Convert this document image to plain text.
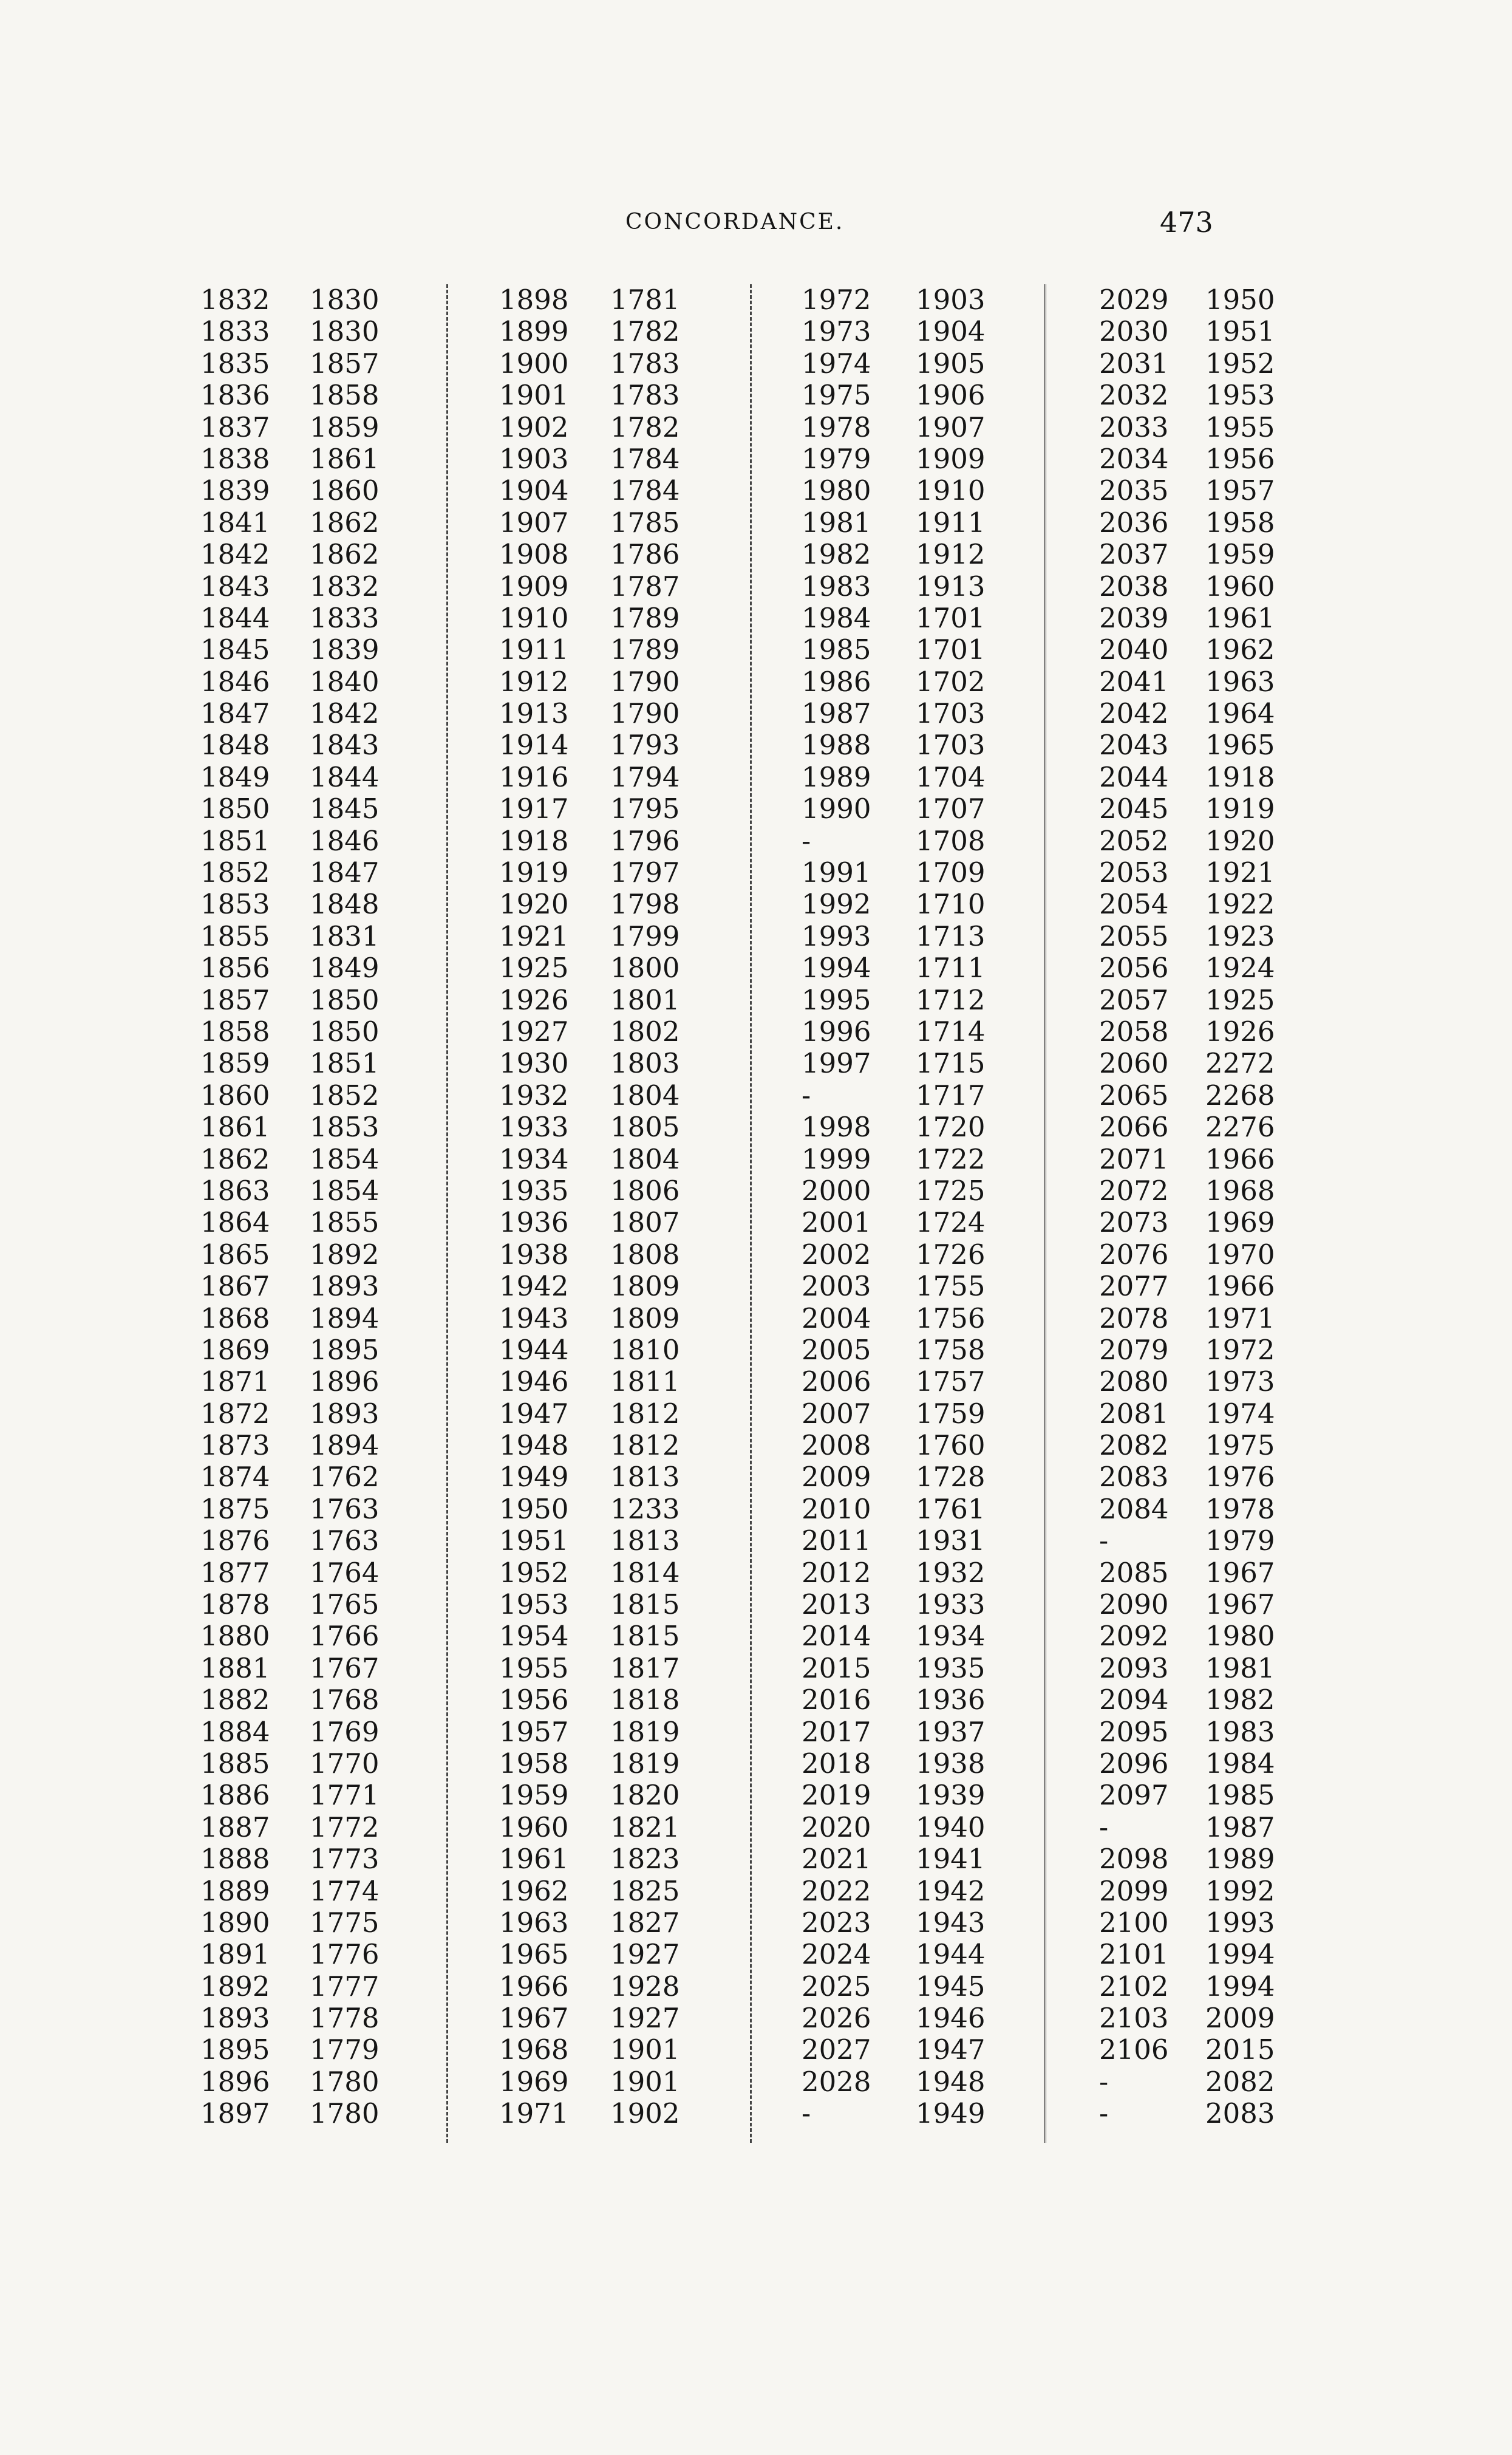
CONCORDANCE.	473
1832
1833
1835
1836
1837
1838
1839
1841
1842
1843
1844
1845
1846
1847
1848
1849
1850
1851
1852
1853
1855
1856
1857
1858
1859
1860
1861
1862
1863
1864
1865
1867
1868
1869
1871
1872
1873
1874
1875
1876
1877
1878
1880
1881
1882
1884
1885
1886
1887
1888
1889
1890
1891
1892
1893
1895
1896
1897
1830
1830
1857
1858
1859
1861
1860
1862
1862
1832
1833
1839
1840
1842
1843
1844
1845
1846
1847
1848
1831
1849
1850
1850
1851
1852
1853
1854
1854
1855
1892
1893
1894
1895
1896
1893
1894
1762
1763
1763
1764
1765
1766
1767
1768
1769
1770
1771
1772
1773
1774
1775
1776
1777
1778
1779
1780
1780
1898
1899
1900
1901
1902
1903
1904
1907
1908
1909
1910
1911
1912
1913
1914
1916
1917
1918
1919
1920
1921
1925
1926
1927
1930
1932
1933
1934
1935
1936
1938
1942
1943
1944
1946
1947
1948
1949
1950
1951
1952
1953
1954
1955
1956
1957
1958
1959
1960
1961
1962
1963
1965
1966
1967
1968
1969
1971
1781
1782
1783
1783
1782
1784
1784
1785
1786
1787
1789
1789
1790
1790
1793
1794
1795
1796
1797
1798
1799
1800
1801
1802
1803
1804
1805
1804
1806
1807
1808
1809
1809
1810
1811
1812
1812
1813
1233
1813
1814
1815
1815
1817
1818
1819
1819
1820
1821
1823
1825
1827
1927
1928
1927
1901
1901
1902
1972
1973
1974
1975
1978
1979
1980
1981
1982
1983
1984
1985
1986
1987
1988
1989
1990
-
1991
1992
1993
1994
1995
1996
1997
-
1998
1999
2000
2001
2002
2003
2004
2005
2006
2007
2008
2009
2010
2011
2012
2013
2014
2015
2016
2017
2018
2019
2020
2021
2022
2023
2024
2025
2026
2027
2028
-
1903
1904
1905
1906
1907
1909
1910
1911
1912
1913
1701
1701
1702
1703
1703
1704
1707
1708
1709
1710
1713
1711
1712
1714
1715
1717
1720
1722
1725
1724
1726
1755
1756
1758
1757
1759
1760
1728
1761
1931
1932
1933
1934
1935
1936
1937
1938
1939
1940
1941
1942
1943
1944
1945
1946
1947
1948
1949
2029
2030
2031
2032
2033
2034
2035
2036
2037
2038
2039
2040
2041
2042
2043
2044
2045
2052
2053
2054
2055
2056
2057
2058
2060
2065
2066
2071
2072
2073
2076
2077
2078
2079
2080
2081
2082
2083
2084
-
2085
2090
2092
2093
2094
2095
2096
2097
-
2098
2099
2100
2101
2102
2103
2106
-
-
1950
1951
1952
1953
1955
1956
1957
1958
1959
1960
1961
1962
1963
1964
1965
1918
1919
1920
1921
1922
1923
1924
1925
1926
2272
2268
2276
1966
1968
1969
1970
1966
1971
1972
1973
1974
1975
1976
1978
1979
1967
1967
1980
1981
1982
1983
1984
1985
1987
1989
1992
1993
1994
1994
2009
2015
2082
2083
